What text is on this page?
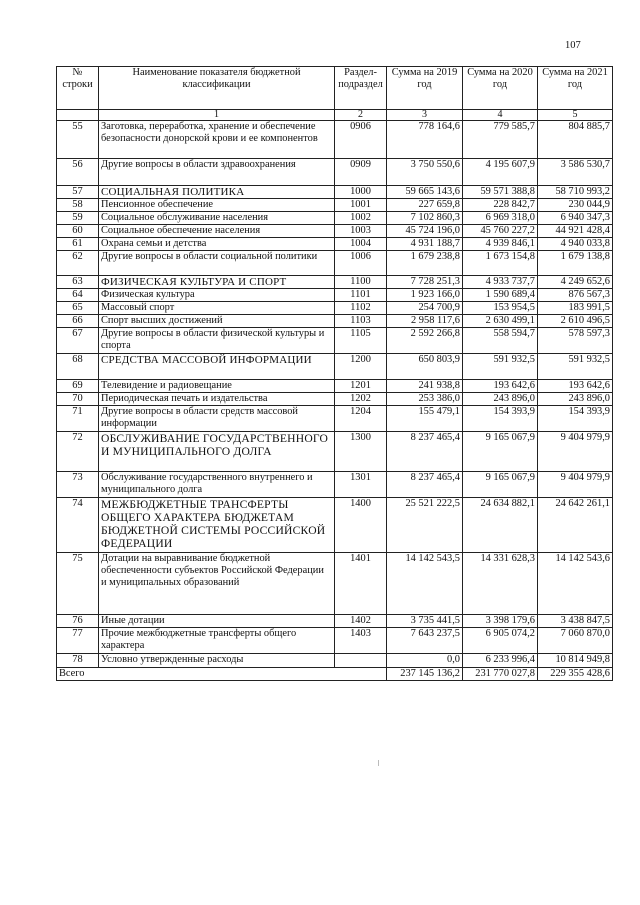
107
№ строки	Наименование показателя бюджетной классификации	Раздел-подраздел	Сумма на 2019 год	Сумма на 2020 год	Сумма на 2021 год
	1	2	3	4	5
55	Заготовка, переработка, хранение и обеспечение безопасности донорской крови и ее компонентов	0906	778 164,6	779 585,7	804 885,7
56	Другие вопросы в области здравоохранения	0909	3 750 550,6	4 195 607,9	3 586 530,7
57	СОЦИАЛЬНАЯ ПОЛИТИКА	1000	59 665 143,6	59 571 388,8	58 710 993,2
58	Пенсионное обеспечение	1001	227 659,8	228 842,7	230 044,9
59	Социальное обслуживание населения	1002	7 102 860,3	6 969 318,0	6 940 347,3
60	Социальное обеспечение населения	1003	45 724 196,0	45 760 227,2	44 921 428,4
61	Охрана семьи и детства	1004	4 931 188,7	4 939 846,1	4 940 033,8
62	Другие вопросы в области социальной политики	1006	1 679 238,8	1 673 154,8	1 679 138,8
63	ФИЗИЧЕСКАЯ КУЛЬТУРА И СПОРТ	1100	7 728 251,3	4 933 737,7	4 249 652,6
64	Физическая культура	1101	1 923 166,0	1 590 689,4	876 567,3
65	Массовый спорт	1102	254 700,9	153 954,5	183 991,5
66	Спорт высших достижений	1103	2 958 117,6	2 630 499,1	2 610 496,5
67	Другие вопросы в области физической культуры и спорта	1105	2 592 266,8	558 594,7	578 597,3
68	СРЕДСТВА МАССОВОЙ ИНФОРМАЦИИ	1200	650 803,9	591 932,5	591 932,5
69	Телевидение и радиовещание	1201	241 938,8	193 642,6	193 642,6
70	Периодическая печать и издательства	1202	253 386,0	243 896,0	243 896,0
71	Другие вопросы в области средств массовой информации	1204	155 479,1	154 393,9	154 393,9
72	ОБСЛУЖИВАНИЕ ГОСУДАРСТВЕННОГО И МУНИЦИПАЛЬНОГО ДОЛГА	1300	8 237 465,4	9 165 067,9	9 404 979,9
73	Обслуживание государственного внутреннего и муниципального долга	1301	8 237 465,4	9 165 067,9	9 404 979,9
74	МЕЖБЮДЖЕТНЫЕ ТРАНСФЕРТЫ ОБЩЕГО ХАРАКТЕРА БЮДЖЕТАМ БЮДЖЕТНОЙ СИСТЕМЫ РОССИЙСКОЙ ФЕДЕРАЦИИ	1400	25 521 222,5	24 634 882,1	24 642 261,1
75	Дотации на выравнивание бюджетной обеспеченности субъектов Российской Федерации и муниципальных образований	1401	14 142 543,5	14 331 628,3	14 142 543,6
76	Иные дотации	1402	3 735 441,5	3 398 179,6	3 438 847,5
77	Прочие межбюджетные трансферты общего характера	1403	7 643 237,5	6 905 074,2	7 060 870,0
78	Условно утвержденные расходы		0,0	6 233 996,4	10 814 949,8
Всего			237 145 136,2	231 770 027,8	229 355 428,6
